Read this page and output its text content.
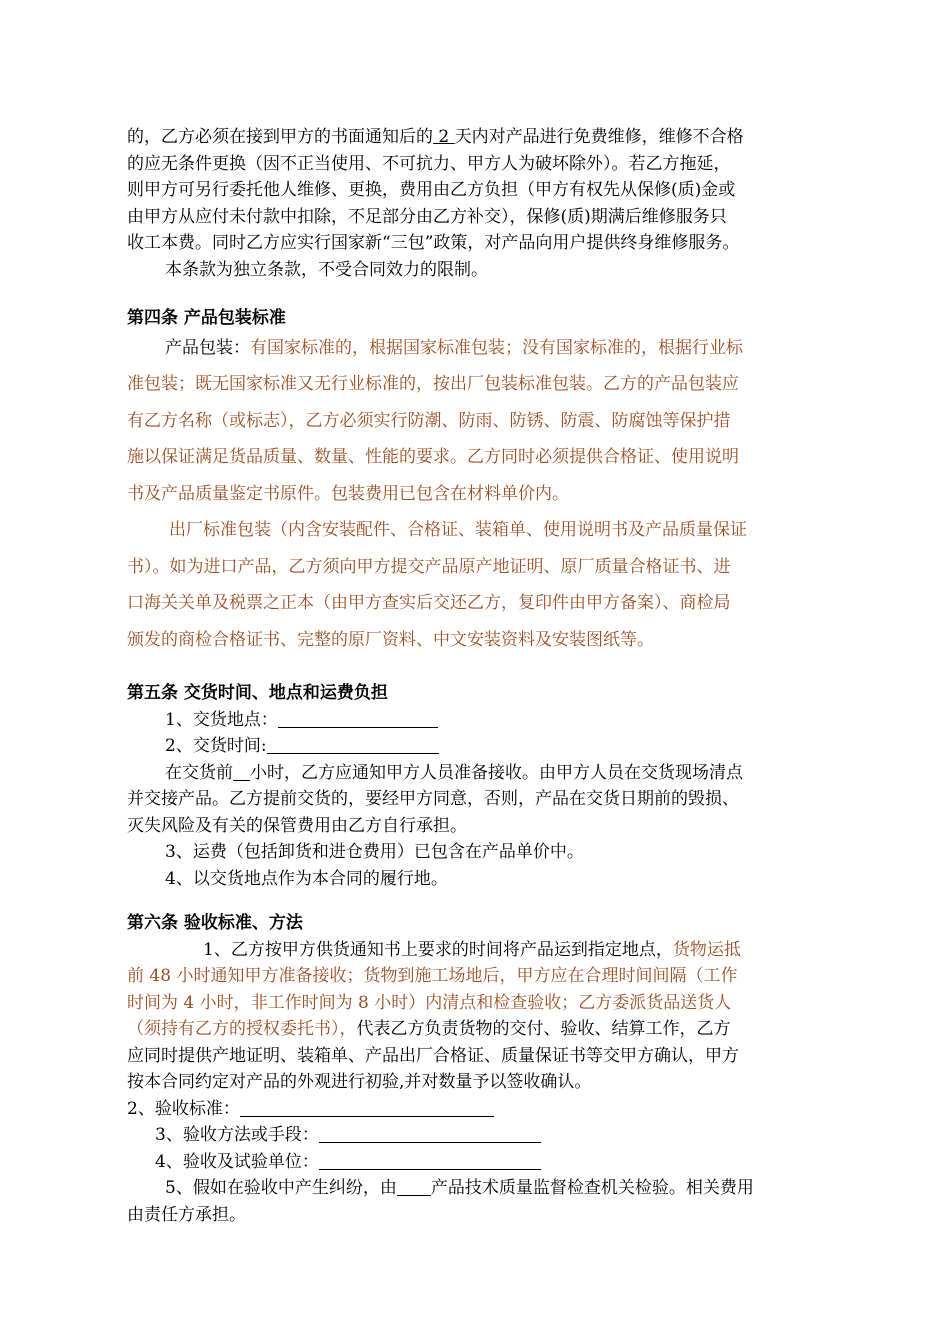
的，乙方必须在接到甲方的书面通知后的 2 天内对产品进行免费维修，维修不合格
的应无条件更换（因不正当使用、不可抗力、甲方人为破坏除外）。若乙方拖延，
则甲方可另行委托他人维修、更换，费用由乙方负担（甲方有权先从保修(质)金或
由甲方从应付未付款中扣除，不足部分由乙方补交），保修(质)期满后维修服务只
收工本费。同时乙方应实行国家新“三包”政策，对产品向用户提供终身维修服务。
本条款为独立条款，不受合同效力的限制。
第四条 产品包装标准
产品包装：有国家标准的，根据国家标准包装；没有国家标准的，根据行业标
准包装；既无国家标准又无行业标准的，按出厂包装标准包装。乙方的产品包装应
有乙方名称（或标志），乙方必须实行防潮、防雨、防锈、防震、防腐蚀等保护措
施以保证满足货品质量、数量、性能的要求。乙方同时必须提供合格证、使用说明
书及产品质量鉴定书原件。包装费用已包含在材料单价内。
出厂标准包装（内含安装配件、合格证、装箱单、使用说明书及产品质量保证
书）。如为进口产品，乙方须向甲方提交产品原产地证明、原厂质量合格证书、进
口海关关单及税票之正本（由甲方查实后交还乙方，复印件由甲方备案）、商检局
颁发的商检合格证书、完整的原厂资料、中文安装资料及安装图纸等。
第五条 交货时间、地点和运费负担
1、交货地点：
2、交货时间:
在交货前 小时，乙方应通知甲方人员准备接收。由甲方人员在交货现场清点
并交接产品。乙方提前交货的，要经甲方同意，否则，产品在交货日期前的毁损、
灭失风险及有关的保管费用由乙方自行承担。
3、运费（包括卸货和进仓费用）已包含在产品单价中。
4、以交货地点作为本合同的履行地。
第六条 验收标准、方法
1、乙方按甲方供货通知书上要求的时间将产品运到指定地点，货物运抵
前 48 小时通知甲方准备接收；货物到施工场地后，甲方应在合理时间间隔（工作
时间为 4 小时，非工作时间为 8 小时）内清点和检查验收；乙方委派货品送货人
（须持有乙方的授权委托书），代表乙方负责货物的交付、验收、结算工作，乙方
应同时提供产地证明、装箱单、产品出厂合格证、质量保证书等交甲方确认，甲方
按本合同约定对产品的外观进行初验,并对数量予以签收确认。
2、验收标准：
3、验收方法或手段：
4、验收及试验单位：
5、假如在验收中产生纠纷，由 产品技术质量监督检查机关检验。相关费用
由责任方承担。
